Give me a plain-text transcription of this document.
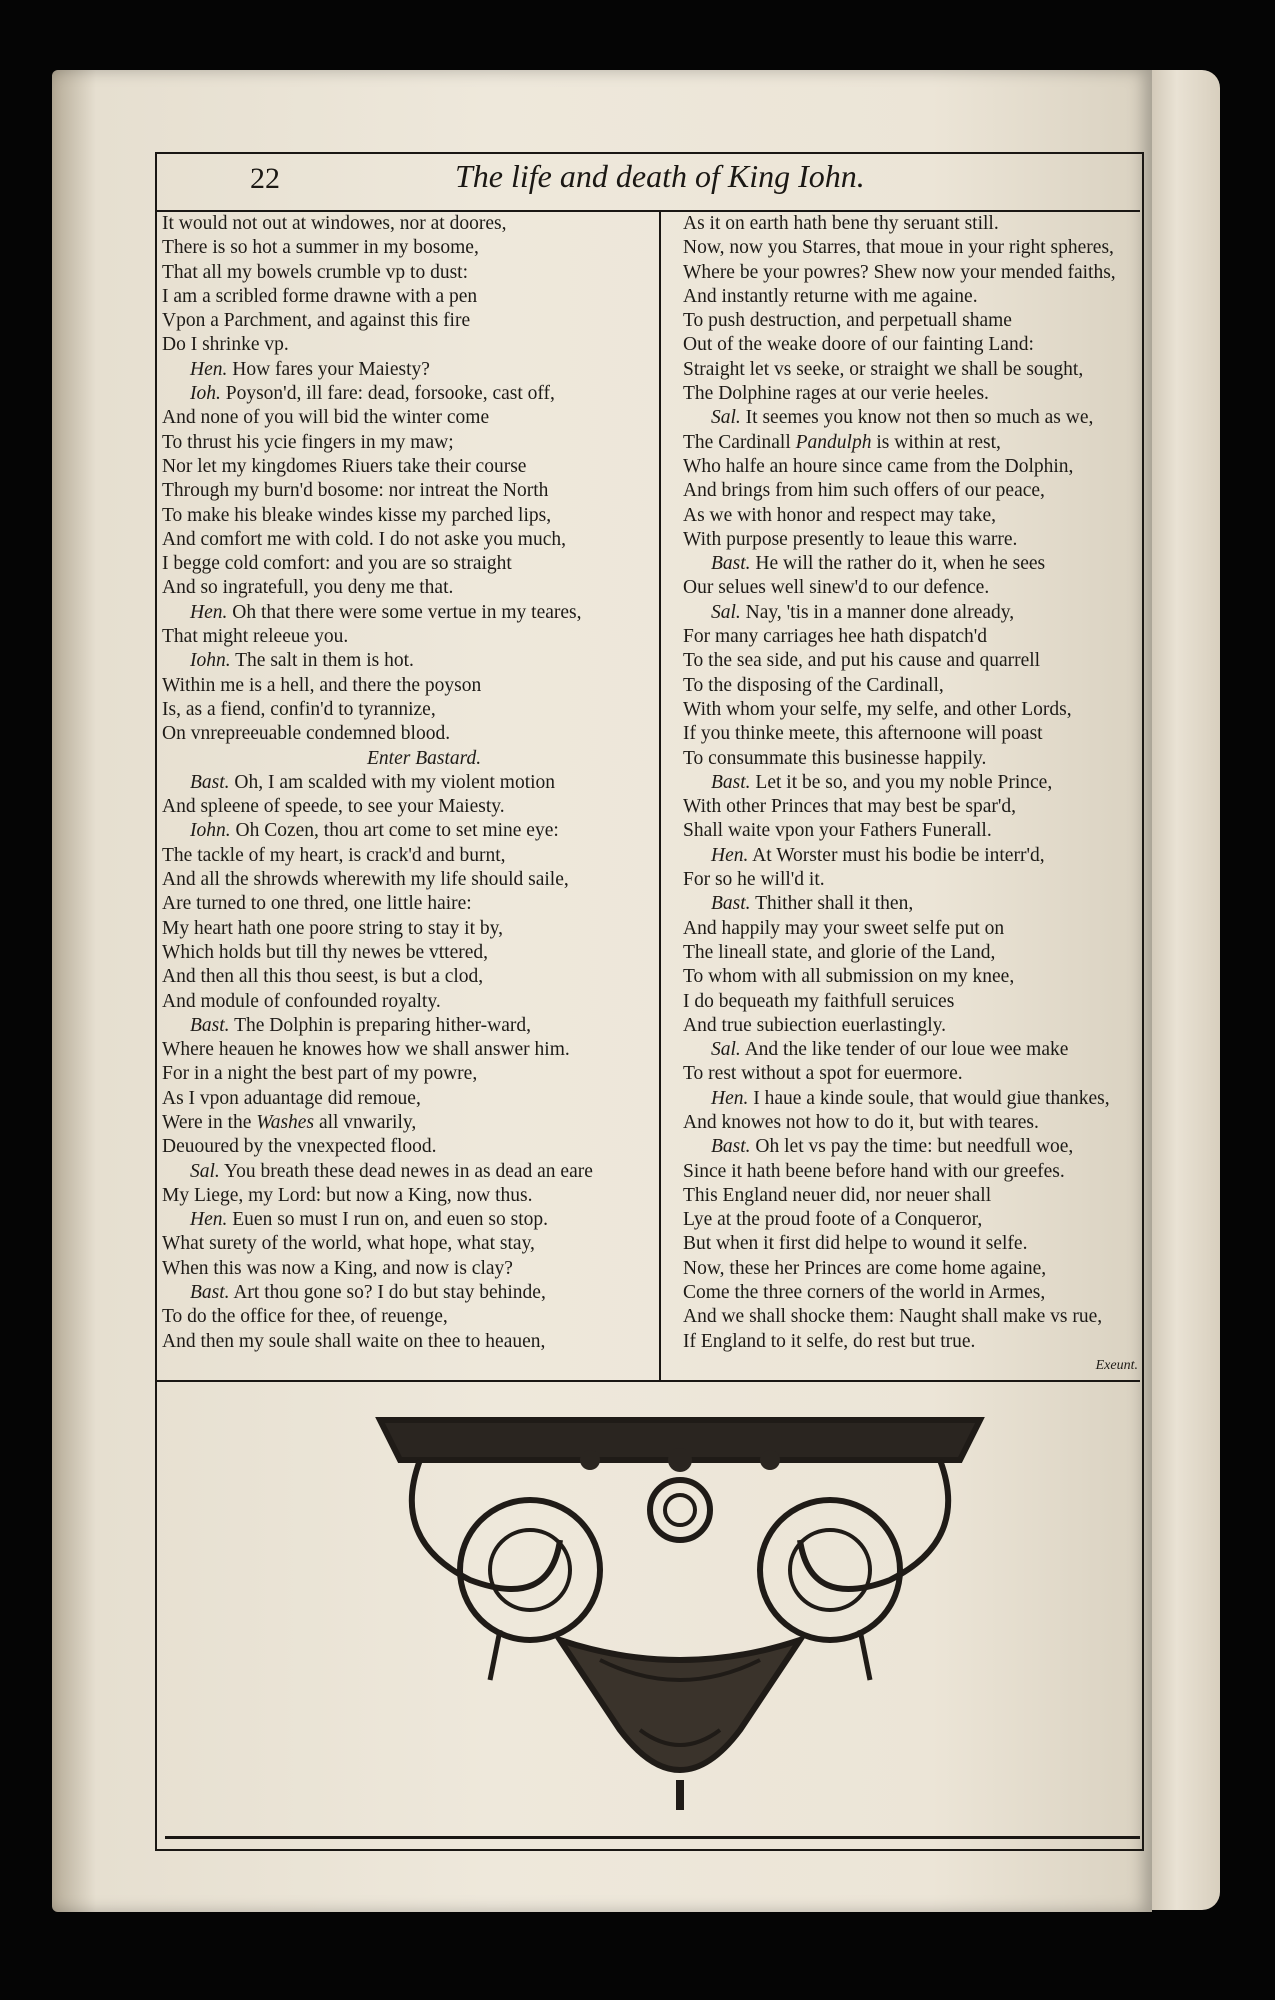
22	The life and death of King Iohn.
It would not out at windowes, nor at doores,
There is so hot a summer in my bosome,
That all my bowels crumble vp to dust:
I am a scribled forme drawne with a pen
Vpon a Parchment, and against this fire
Do I shrinke vp.
Hen. How fares your Maiesty?
Ioh. Poyson'd, ill fare: dead, forsooke, cast off,
And none of you will bid the winter come
To thrust his ycie fingers in my maw;
Nor let my kingdomes Riuers take their course
Through my burn'd bosome: nor intreat the North
To make his bleake windes kisse my parched lips,
And comfort me with cold. I do not aske you much,
I begge cold comfort: and you are so straight
And so ingratefull, you deny me that.
Hen. Oh that there were some vertue in my teares,
That might releeue you.
Iohn. The salt in them is hot.
Within me is a hell, and there the poyson
Is, as a fiend, confin'd to tyrannize,
On vnrepreeuable condemned blood.
Enter Bastard.
Bast. Oh, I am scalded with my violent motion
And spleene of speede, to see your Maiesty.
Iohn. Oh Cozen, thou art come to set mine eye:
The tackle of my heart, is crack'd and burnt,
And all the shrowds wherewith my life should saile,
Are turned to one thred, one little haire:
My heart hath one poore string to stay it by,
Which holds but till thy newes be vttered,
And then all this thou seest, is but a clod,
And module of confounded royalty.
Bast. The Dolphin is preparing hither-ward,
Where heauen he knowes how we shall answer him.
For in a night the best part of my powre,
As I vpon aduantage did remoue,
Were in the Washes all vnwarily,
Deuoured by the vnexpected flood.
Sal. You breath these dead newes in as dead an eare
My Liege, my Lord: but now a King, now thus.
Hen. Euen so must I run on, and euen so stop.
What surety of the world, what hope, what stay,
When this was now a King, and now is clay?
Bast. Art thou gone so? I do but stay behinde,
To do the office for thee, of reuenge,
And then my soule shall waite on thee to heauen,
As it on earth hath bene thy seruant still.
Now, now you Starres, that moue in your right spheres,
Where be your powres? Shew now your mended faiths,
And instantly returne with me againe.
To push destruction, and perpetuall shame
Out of the weake doore of our fainting Land:
Straight let vs seeke, or straight we shall be sought,
The Dolphine rages at our verie heeles.
Sal. It seemes you know not then so much as we,
The Cardinall Pandulph is within at rest,
Who halfe an houre since came from the Dolphin,
And brings from him such offers of our peace,
As we with honor and respect may take,
With purpose presently to leaue this warre.
Bast. He will the rather do it, when he sees
Our selues well sinew'd to our defence.
Sal. Nay, 'tis in a manner done already,
For many carriages hee hath dispatch'd
To the sea side, and put his cause and quarrell
To the disposing of the Cardinall,
With whom your selfe, my selfe, and other Lords,
If you thinke meete, this afternoone will poast
To consummate this businesse happily.
Bast. Let it be so, and you my noble Prince,
With other Princes that may best be spar'd,
Shall waite vpon your Fathers Funerall.
Hen. At Worster must his bodie be interr'd,
For so he will'd it.
Bast. Thither shall it then,
And happily may your sweet selfe put on
The lineall state, and glorie of the Land,
To whom with all submission on my knee,
I do bequeath my faithfull seruices
And true subiection euerlastingly.
Sal. And the like tender of our loue wee make
To rest without a spot for euermore.
Hen. I haue a kinde soule, that would giue thankes,
And knowes not how to do it, but with teares.
Bast. Oh let vs pay the time: but needfull woe,
Since it hath beene before hand with our greefes.
This England neuer did, nor neuer shall
Lye at the proud foote of a Conqueror,
But when it first did helpe to wound it selfe.
Now, these her Princes are come home againe,
Come the three corners of the world in Armes,
And we shall shocke them: Naught shall make vs rue,
If England to it selfe, do rest but true.
Exeunt.
